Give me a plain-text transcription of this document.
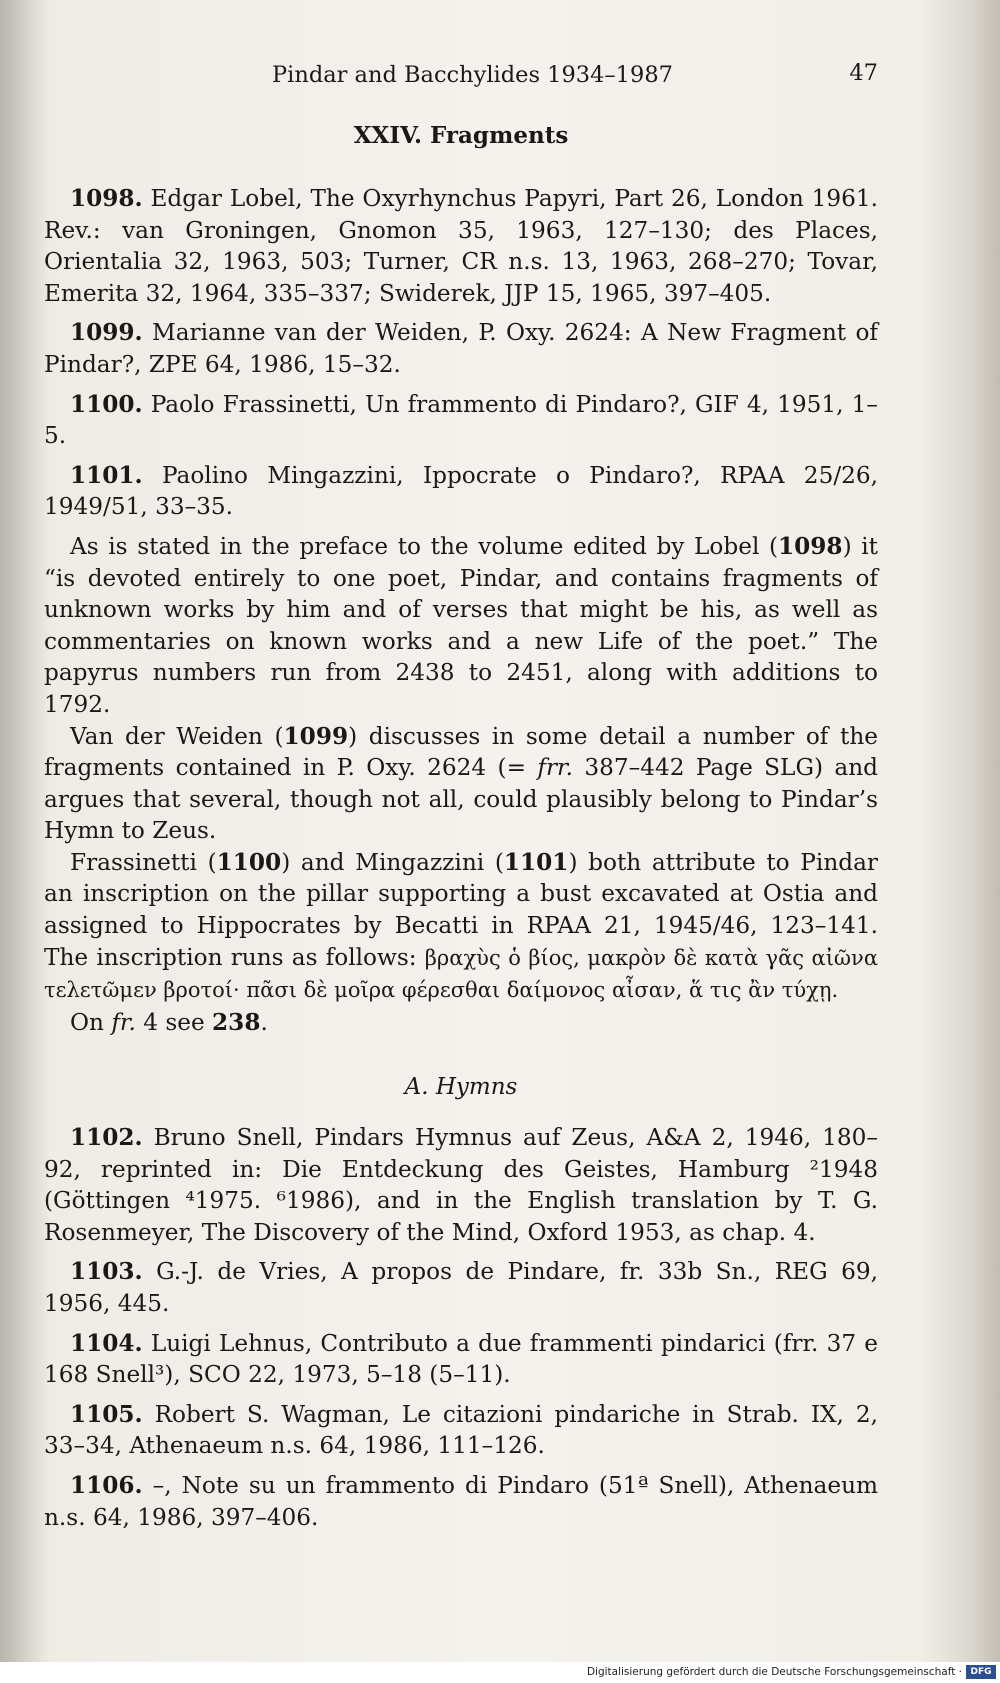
Pindar and Bacchylides 1934–1987	47
XXIV. Fragments

1098. Edgar Lobel, The Oxyrhynchus Papyri, Part 26, London 1961. Rev.: van Groningen, Gnomon 35, 1963, 127–130; des Places, Orientalia 32, 1963, 503; Turner, CR n.s. 13, 1963, 268–270; Tovar, Emerita 32, 1964, 335–337; Swiderek, JJP 15, 1965, 397–405.

1099. Marianne van der Weiden, P. Oxy. 2624: A New Fragment of Pindar?, ZPE 64, 1986, 15–32.

1100. Paolo Frassinetti, Un frammento di Pindaro?, GIF 4, 1951, 1–5.

1101. Paolino Mingazzini, Ippocrate o Pindaro?, RPAA 25/26, 1949/51, 33–35.

As is stated in the preface to the volume edited by Lobel (1098) it “is devoted entirely to one poet, Pindar, and contains fragments of unknown works by him and of verses that might be his, as well as commentaries on known works and a new Life of the poet.” The papyrus numbers run from 2438 to 2451, along with additions to 1792.

Van der Weiden (1099) discusses in some detail a number of the fragments contained in P. Oxy. 2624 (= frr. 387–442 Page SLG) and argues that several, though not all, could plausibly belong to Pindar’s Hymn to Zeus.

Frassinetti (1100) and Mingazzini (1101) both attribute to Pindar an inscription on the pillar supporting a bust excavated at Ostia and assigned to Hippocrates by Becatti in RPAA 21, 1945/46, 123–141. The inscription runs as follows: βραχὺς ὁ βίος, μακρὸν δὲ κατὰ γᾶς αἰῶνα τελετῶμεν βροτοί· πᾶσι δὲ μοῖρα φέρεσθαι δαίμονος αἶσαν, ἅ τις ἂν τύχῃ.

On fr. 4 see 238.

A. Hymns

1102. Bruno Snell, Pindars Hymnus auf Zeus, A&A 2, 1946, 180–92, reprinted in: Die Entdeckung des Geistes, Hamburg ²1948 (Göttingen ⁴1975. ⁶1986), and in the English translation by T. G. Rosenmeyer, The Discovery of the Mind, Oxford 1953, as chap. 4.

1103. G.-J. de Vries, A propos de Pindare, fr. 33b Sn., REG 69, 1956, 445.

1104. Luigi Lehnus, Contributo a due frammenti pindarici (frr. 37 e 168 Snell³), SCO 22, 1973, 5–18 (5–11).

1105. Robert S. Wagman, Le citazioni pindariche in Strab. IX, 2, 33–34, Athenaeum n.s. 64, 1986, 111–126.

1106. –, Note su un frammento di Pindaro (51ª Snell), Athenaeum n.s. 64, 1986, 397–406.

Digitalisierung gefördert durch die Deutsche Forschungsgemeinschaft · DFG
